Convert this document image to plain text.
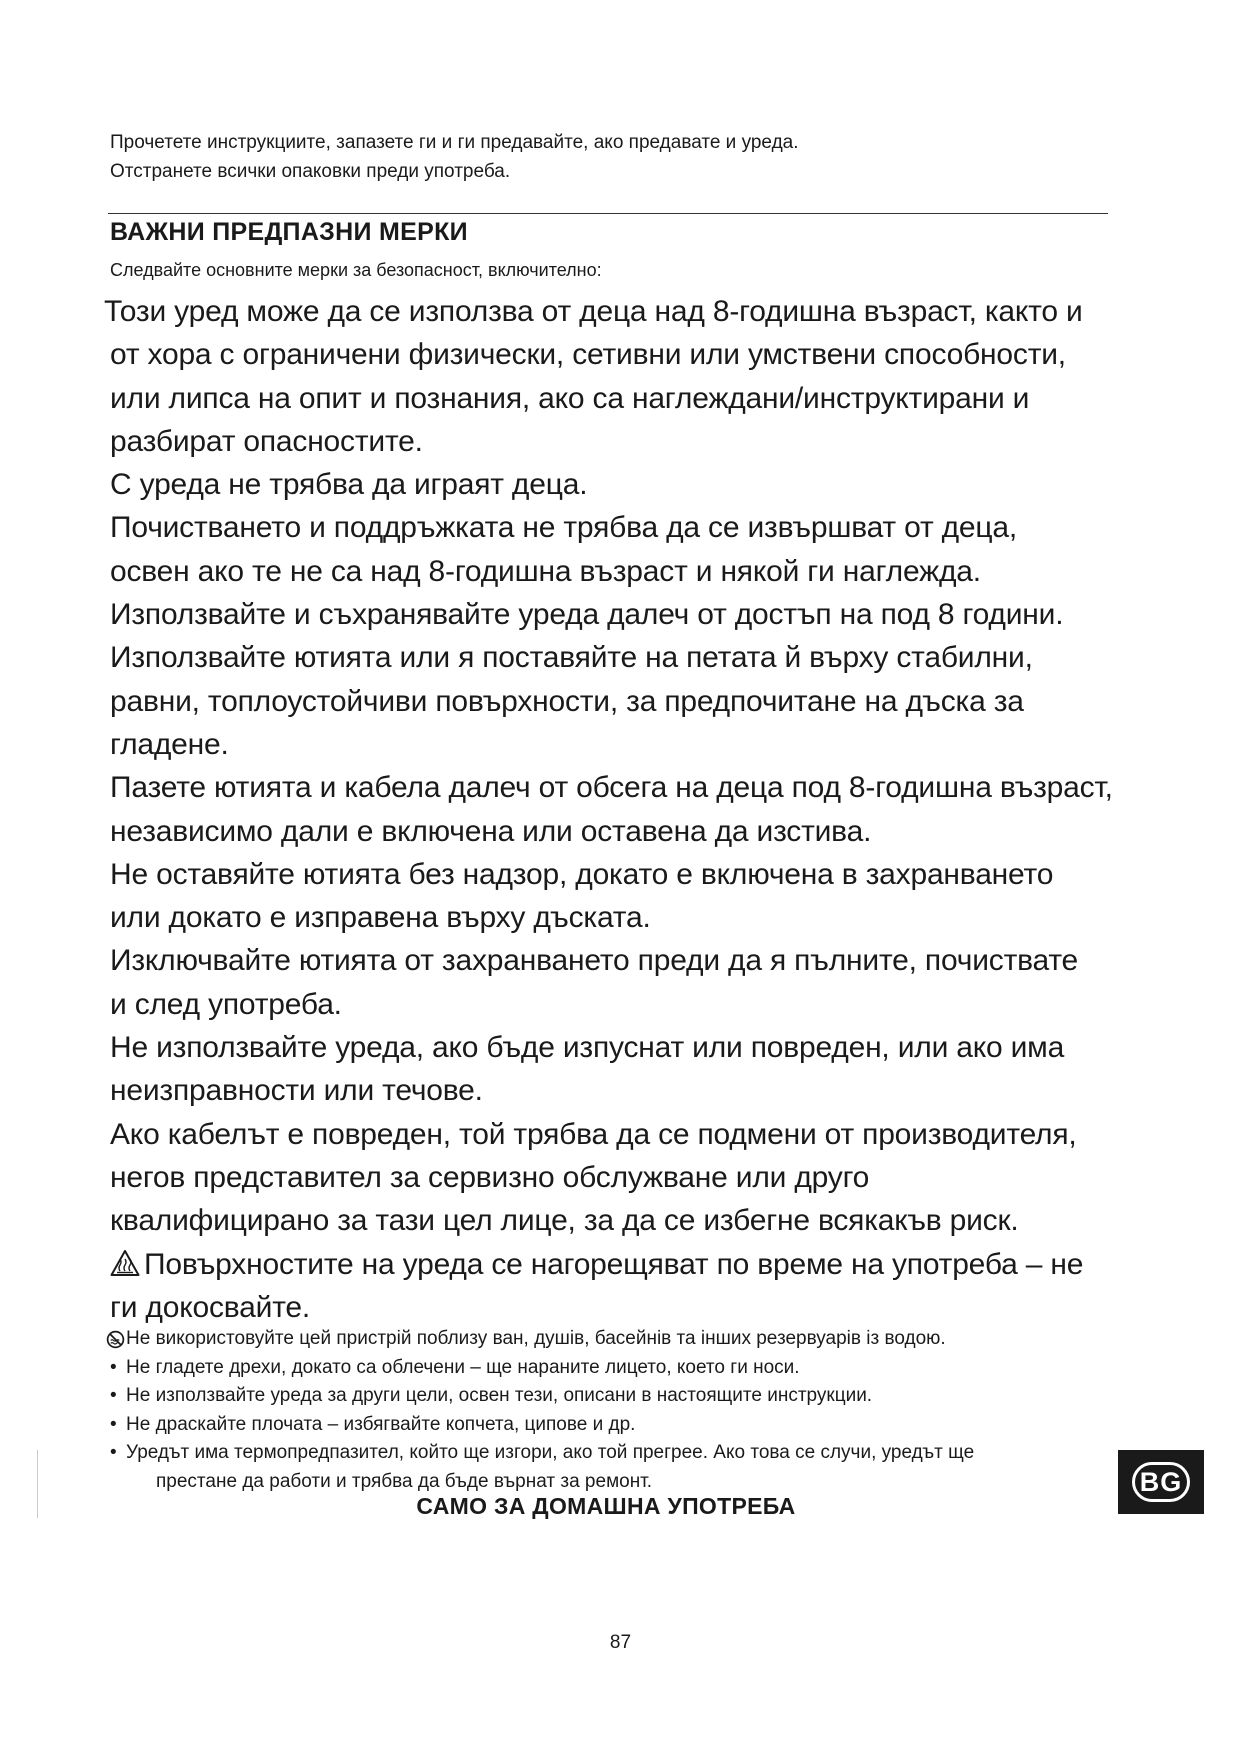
Прочетете инструкциите, запазете ги и ги предавайте, ако предавате и уреда.
Отстранете всички опаковки преди употреба.
ВАЖНИ ПРЕДПАЗНИ МЕРКИ
Следвайте основните мерки за безопасност, включително:

Този уред може да се използва от деца над 8-годишна възраст, както и

от хора с ограничени физически, сетивни или умствени способности,

или липса на опит и познания, ако са наглеждани/инструктирани и

разбират опасностите.

С уреда не трябва да играят деца.

Почистването и поддръжката не трябва да се извършват от деца,

освен ако те не са над 8-годишна възраст и някой ги наглежда.

Използвайте и съхранявайте уреда далеч от достъп на под 8 години.

Използвайте ютията или я поставяйте на петата й върху стабилни,

равни, топлоустойчиви повърхности, за предпочитане на дъска за

гладене.

Пазете ютията и кабела далеч от обсега на деца под 8-годишна възраст,

независимо дали е включена или оставена да изстива.

Не оставяйте ютията без надзор, докато е включена в захранването

или докато е изправена върху дъската.

Изключвайте ютията от захранването преди да я пълните, почиствате

и след употреба.

Не използвайте уреда, ако бъде изпуснат или повреден, или ако има

неизправности или течове.

Ако кабелът е повреден, той трябва да се подмени от производителя,

негов представител за сервизно обслужване или друго

квалифицирано за тази цел лице, за да се избегне всякакъв риск.

Повърхностите на уреда се нагорещяват по време на употреба – не

ги докосвайте.

Не використовуйте цей пристрій поблизу ван, душів, басейнів та інших резервуарів із водою.
• Не гладете дрехи, докато са облечени – ще нараните лицето, което ги носи.
• Не използвайте уреда за други цели, освен тези, описани в настоящите инструкции.
• Не драскайте плочата – избягвайте копчета, ципове и др.
• Уредът има термопредпазител, който ще изгори, ако той прегрее. Ако това се случи, уредът ще
престане да работи и трябва да бъде върнат за ремонт.
САМО ЗА ДОМАШНА УПОТРЕБА
BG
87
